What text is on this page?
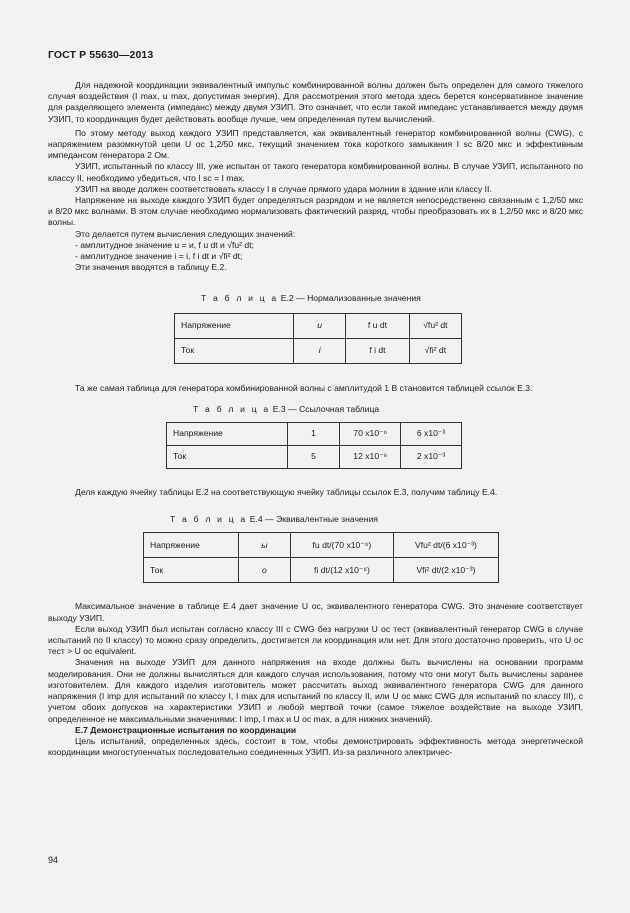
ГОСТ Р 55630—2013

Для надежной координации эквивалентный импульс комбинированной волны должен быть определен для самого тяжелого случая воздействия (I max, u max, допустимая энергия). Для рассмотрения этого метода здесь берется консервативное значение для разделяющего элемента (импеданс) между двумя УЗИП. Это означает, что если такой импеданс устанавливается между двумя УЗИП, то координация будет действовать вообще лучше, чем определенная путем вычислений.

По этому методу выход каждого УЗИП представляется, как эквивалентный генератор комбинированной волны (CWG), с напряжением разомкнутой цепи U oc 1,2/50 мкс, текущий значением тока короткого замыкания I sc 8/20 мкс и эффективным импедансом генератора 2 Ом.

УЗИП, испытанный по классу III, уже испытан от такого генератора комбинированной волны. В случае УЗИП, испытанного по классу II, необходимо убедиться, что I sc = I max.

УЗИП на вводе должен соответствовать классу I в случае прямого удара молнии в здание или классу II.

Напряжение на выходе каждого УЗИП будет определяться разрядом и не является непосредственно связанным с 1,2/50 мкс и 8/20 мкс волнами. В этом случае необходимо нормализовать фактический разряд, чтобы преобразовать их в 1,2/50 мкс и 8/20 мкс волны.

Это делается путем вычисления следующих значений:

- амплитудное значение u = и, f u dt и √fu² dt;

- амплитудное значение i = i, f i dt и √fi² dt;

Эти значения вводятся в таблицу Е.2.

Т а б л и ц а Е.2 — Нормализованные значения

Напряжение	u	f u dt	√fu² dt
Ток	i	f i dt	√fi² dt

Та же самая таблица для генератора комбинированной волны с амплитудой 1 В становится таблицей ссылок Е.3.

Т а б л и ц а Е.3 — Ссылочная таблица

Напряжение	1	70 x10⁻⁶	6 x10⁻³
Ток	5	12 x10⁻⁶	2 x10⁻³

Деля каждую ячейку таблицы Е.2 на соответствующую ячейку таблицы ссылок Е.3, получим таблицу Е.4.

Т а б л и ц а Е.4 — Эквивалентные значения

Напряжение	ы	fu dt/(70 x10⁻⁶)	Vfu² dt/(6 x10⁻³)
Ток	о	fi dt/(12 x10⁻⁶)	Vfi² dt/(2 x10⁻³)

Максимальное значение в таблице Е.4 дает значение U oc, эквивалентного генератора CWG. Это значение соответствует выходу УЗИП.

Если выход УЗИП был испытан согласно классу III с CWG без нагрузки U oc тест (эквивалентный генератор CWG в случае испытаний по II классу) то можно сразу определить, достигается ли координация или нет. Для этого достаточно проверить, что U oc тест > U oc equivalent.

Значения на выходе УЗИП для данного напряжения на входе должны быть вычислены на основании программ моделирования. Они не должны вычисляться для каждого случая использования, потому что они могут быть вычислены заранее изготовителем. Для каждого изделия изготовитель может рассчитать выход эквивалентного генератора CWG для данного напряжения (I imp для испытаний по классу I, I max для испытаний по классу II, или U oc макс CWG для испытаний по классу III), с учетом обоих допусков на характеристики УЗИП и любой мертвой точки (самое тяжелое воздействие на выходе УЗИП, определенное не максимальными значениями: I imp, I max и U oc max, а для нижних значений).

Е.7 Демонстрационные испытания по координации

Цель испытаний, определенных здесь, состоит в том, чтобы демонстрировать эффективность метода энергетической координации многоступенчатых последовательно соединенных УЗИП. Из-за различного электричес-

94
